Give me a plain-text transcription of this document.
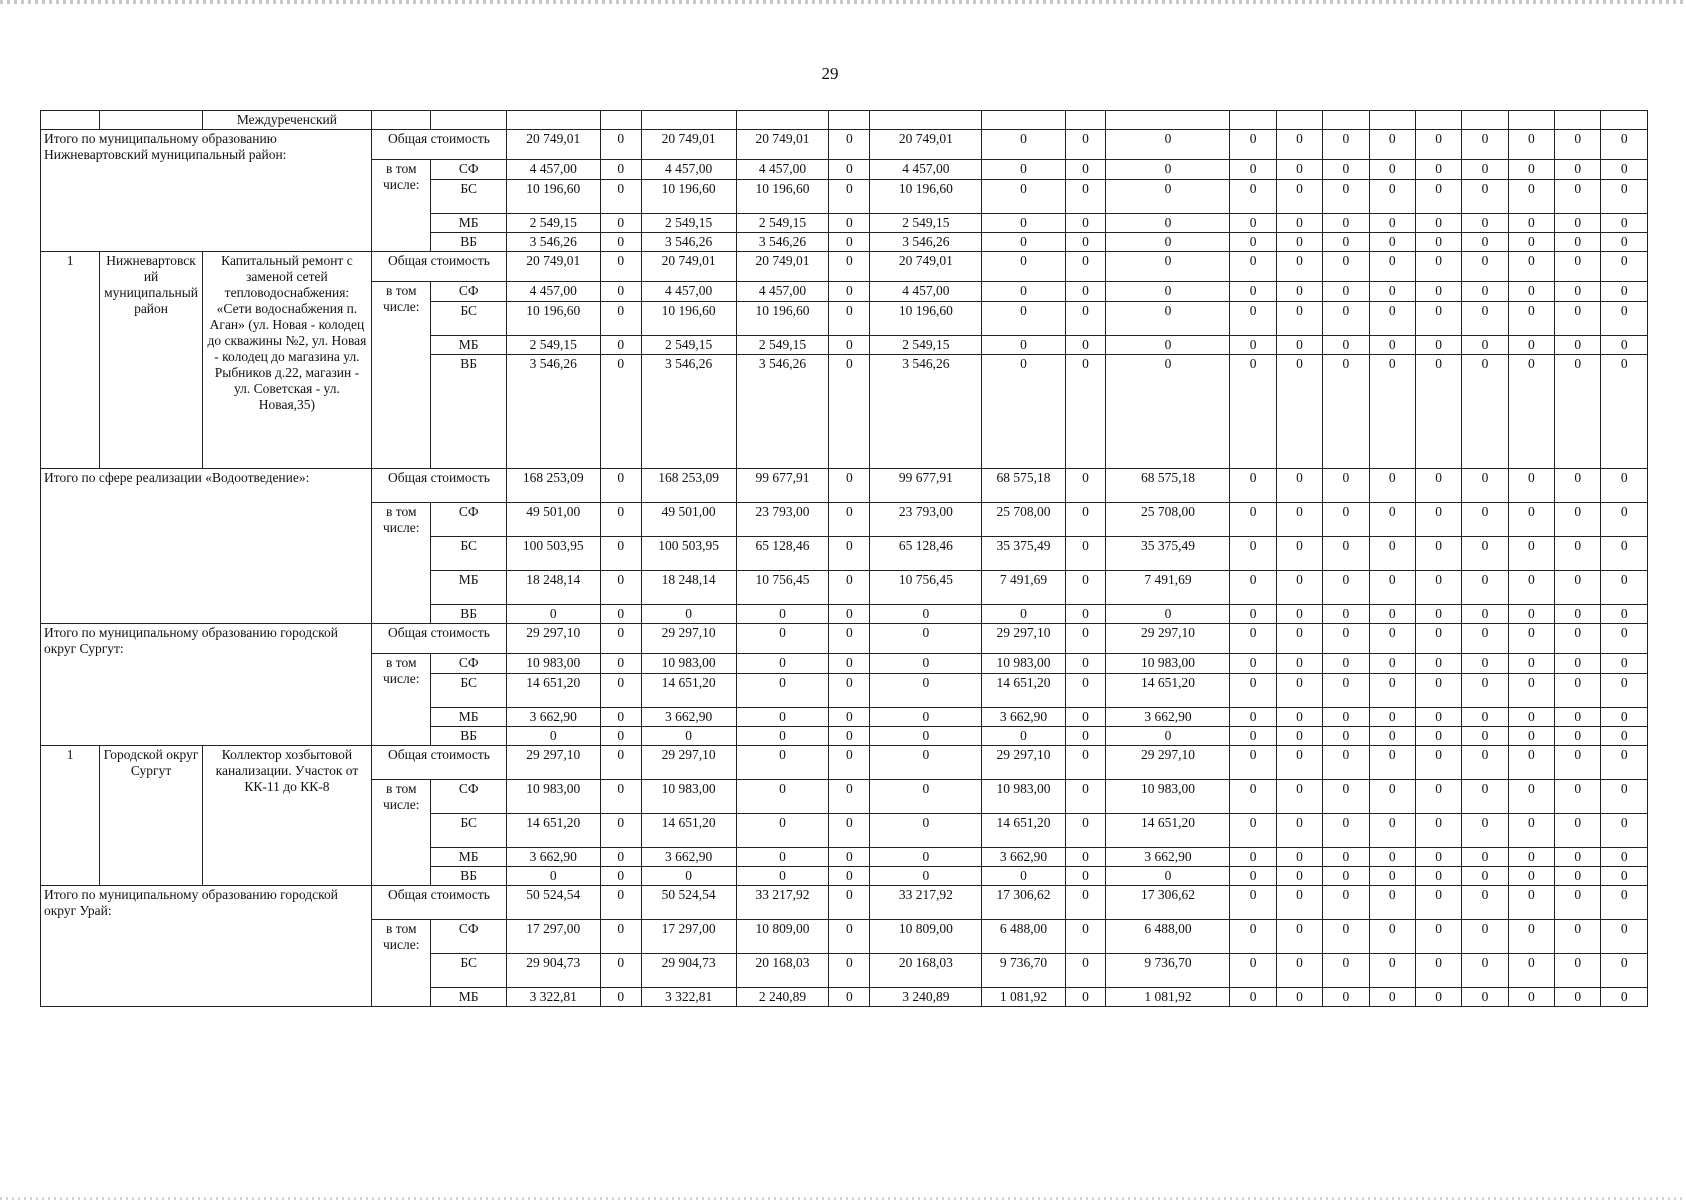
29
		Междуреченский																				
Итого по муниципальному образованию Нижневартовский муниципальный район:			Общая стоимость		20 749,01	0	20 749,01	20 749,01	0	20 749,01	0	0	0	0	0	0	0	0	0	0	0	0
			в том числе:	СФ	4 457,00	0	4 457,00	4 457,00	0	4 457,00	0	0	0	0	0	0	0	0	0	0	0	0
				БС	10 196,60	0	10 196,60	10 196,60	0	10 196,60	0	0	0	0	0	0	0	0	0	0	0	0
				МБ	2 549,15	0	2 549,15	2 549,15	0	2 549,15	0	0	0	0	0	0	0	0	0	0	0	0
				ВБ	3 546,26	0	3 546,26	3 546,26	0	3 546,26	0	0	0	0	0	0	0	0	0	0	0	0
1	Нижневартовский муниципальный район	Капитальный ремонт с заменой сетей тепловодоснабжения: «Сети водоснабжения п. Аган» (ул. Новая - колодец до скважины №2, ул. Новая - колодец до магазина ул. Рыбников д.22, магазин - ул. Советская - ул. Новая,35)	Общая стоимость		20 749,01	0	20 749,01	20 749,01	0	20 749,01	0	0	0	0	0	0	0	0	0	0	0	0
			в том числе:	СФ	4 457,00	0	4 457,00	4 457,00	0	4 457,00	0	0	0	0	0	0	0	0	0	0	0	0
				БС	10 196,60	0	10 196,60	10 196,60	0	10 196,60	0	0	0	0	0	0	0	0	0	0	0	0
				МБ	2 549,15	0	2 549,15	2 549,15	0	2 549,15	0	0	0	0	0	0	0	0	0	0	0	0
				ВБ	3 546,26	0	3 546,26	3 546,26	0	3 546,26	0	0	0	0	0	0	0	0	0	0	0	0
Итого по сфере реализации «Водоотведение»:			Общая стоимость		168 253,09	0	168 253,09	99 677,91	0	99 677,91	68 575,18	0	68 575,18	0	0	0	0	0	0	0	0	0
			в том числе:	СФ	49 501,00	0	49 501,00	23 793,00	0	23 793,00	25 708,00	0	25 708,00	0	0	0	0	0	0	0	0	0
				БС	100 503,95	0	100 503,95	65 128,46	0	65 128,46	35 375,49	0	35 375,49	0	0	0	0	0	0	0	0	0
				МБ	18 248,14	0	18 248,14	10 756,45	0	10 756,45	7 491,69	0	7 491,69	0	0	0	0	0	0	0	0	0
				ВБ	0	0	0	0	0	0	0	0	0	0	0	0	0	0	0	0	0	0
Итого по муниципальному образованию городской округ Сургут:			Общая стоимость		29 297,10	0	29 297,10	0	0	0	29 297,10	0	29 297,10	0	0	0	0	0	0	0	0	0
			в том числе:	СФ	10 983,00	0	10 983,00	0	0	0	10 983,00	0	10 983,00	0	0	0	0	0	0	0	0	0
				БС	14 651,20	0	14 651,20	0	0	0	14 651,20	0	14 651,20	0	0	0	0	0	0	0	0	0
				МБ	3 662,90	0	3 662,90	0	0	0	3 662,90	0	3 662,90	0	0	0	0	0	0	0	0	0
				ВБ	0	0	0	0	0	0	0	0	0	0	0	0	0	0	0	0	0	0
1	Городской округ Сургут	Коллектор хозбытовой канализации. Участок от КК-11 до КК-8	Общая стоимость		29 297,10	0	29 297,10	0	0	0	29 297,10	0	29 297,10	0	0	0	0	0	0	0	0	0
			в том числе:	СФ	10 983,00	0	10 983,00	0	0	0	10 983,00	0	10 983,00	0	0	0	0	0	0	0	0	0
				БС	14 651,20	0	14 651,20	0	0	0	14 651,20	0	14 651,20	0	0	0	0	0	0	0	0	0
				МБ	3 662,90	0	3 662,90	0	0	0	3 662,90	0	3 662,90	0	0	0	0	0	0	0	0	0
				ВБ	0	0	0	0	0	0	0	0	0	0	0	0	0	0	0	0	0	0
Итого по муниципальному образованию городской округ Урай:			Общая стоимость		50 524,54	0	50 524,54	33 217,92	0	33 217,92	17 306,62	0	17 306,62	0	0	0	0	0	0	0	0	0
			в том числе:	СФ	17 297,00	0	17 297,00	10 809,00	0	10 809,00	6 488,00	0	6 488,00	0	0	0	0	0	0	0	0	0
				БС	29 904,73	0	29 904,73	20 168,03	0	20 168,03	9 736,70	0	9 736,70	0	0	0	0	0	0	0	0	0
				МБ	3 322,81	0	3 322,81	2 240,89	0	3 240,89	1 081,92	0	1 081,92	0	0	0	0	0	0	0	0	0
